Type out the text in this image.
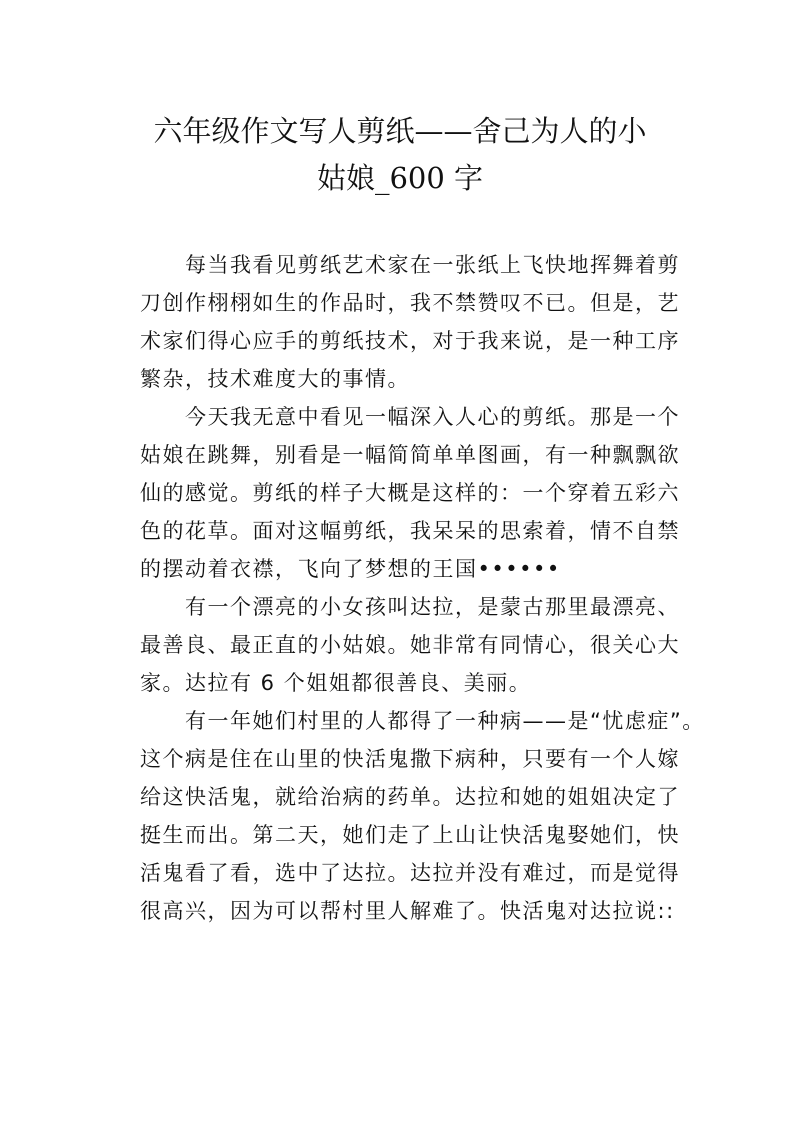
六年级作文写人剪纸——舍己为人的小
姑娘_600 字
每当我看见剪纸艺术家在一张纸上飞快地挥舞着剪
刀创作栩栩如生的作品时，我不禁赞叹不已。但是，艺
术家们得心应手的剪纸技术，对于我来说，是一种工序
繁杂，技术难度大的事情。
今天我无意中看见一幅深入人心的剪纸。那是一个
姑娘在跳舞，别看是一幅简简单单图画，有一种飘飘欲
仙的感觉。剪纸的样子大概是这样的：一个穿着五彩六
色的花草。面对这幅剪纸，我呆呆的思索着，情不自禁
的摆动着衣襟，飞向了梦想的王国••••••
有一个漂亮的小女孩叫达拉，是蒙古那里最漂亮、
最善良、最正直的小姑娘。她非常有同情心，很关心大
家。达拉有 6 个姐姐都很善良、美丽。
有一年她们村里的人都得了一种病——是“忧虑症”。
这个病是住在山里的快活鬼撒下病种，只要有一个人嫁
给这快活鬼，就给治病的药单。达拉和她的姐姐决定了
挺生而出。第二天，她们走了上山让快活鬼娶她们，快
活鬼看了看，选中了达拉。达拉并没有难过，而是觉得
很高兴，因为可以帮村里人解难了。快活鬼对达拉说::
